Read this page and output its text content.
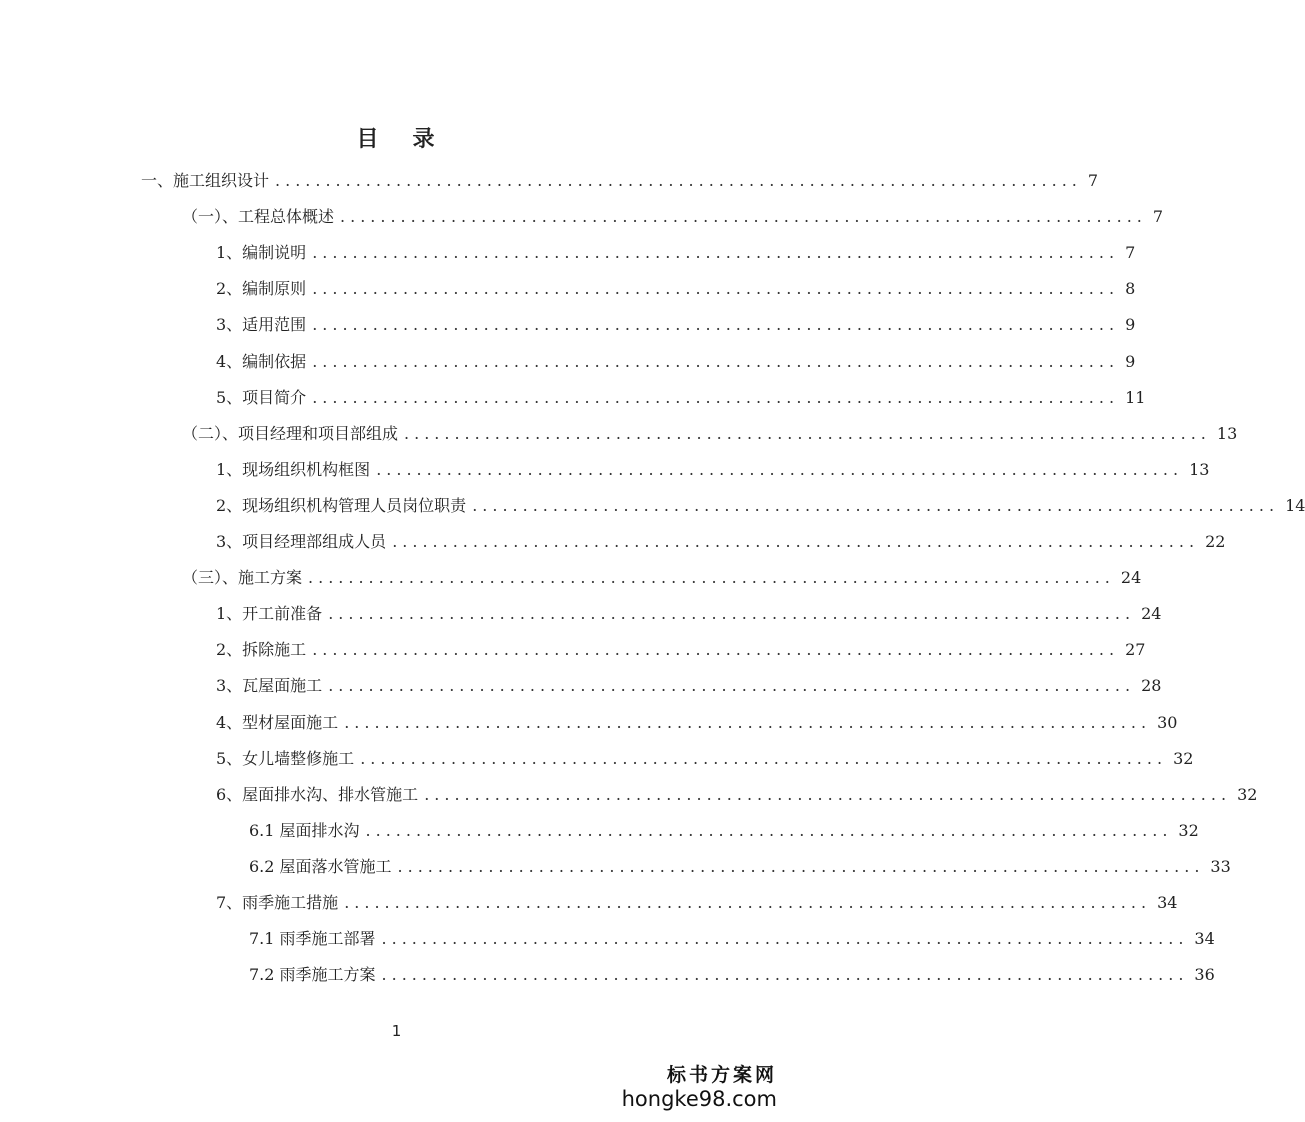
目 录
一、施工组织设计 ................................................................................ 7
（一）、工程总体概述 ................................................................................ 7
1、编制说明 ................................................................................ 7
2、编制原则 ................................................................................ 8
3、适用范围 ................................................................................ 9
4、编制依据 ................................................................................ 9
5、项目简介 ................................................................................ 11
（二）、项目经理和项目部组成 ................................................................................ 13
1、现场组织机构框图 ................................................................................ 13
2、现场组织机构管理人员岗位职责 ................................................................................ 14
3、项目经理部组成人员 ................................................................................ 22
（三）、施工方案 ................................................................................ 24
1、开工前准备 ................................................................................ 24
2、拆除施工 ................................................................................ 27
3、瓦屋面施工 ................................................................................ 28
4、型材屋面施工 ................................................................................ 30
5、女儿墙整修施工 ................................................................................ 32
6、屋面排水沟、排水管施工 ................................................................................ 32
6.1 屋面排水沟 ................................................................................ 32
6.2 屋面落水管施工 ................................................................................ 33
7、雨季施工措施 ................................................................................ 34
7.1 雨季施工部署 ................................................................................ 34
7.2 雨季施工方案 ................................................................................ 36
1
标书方案网
hongke98.com
